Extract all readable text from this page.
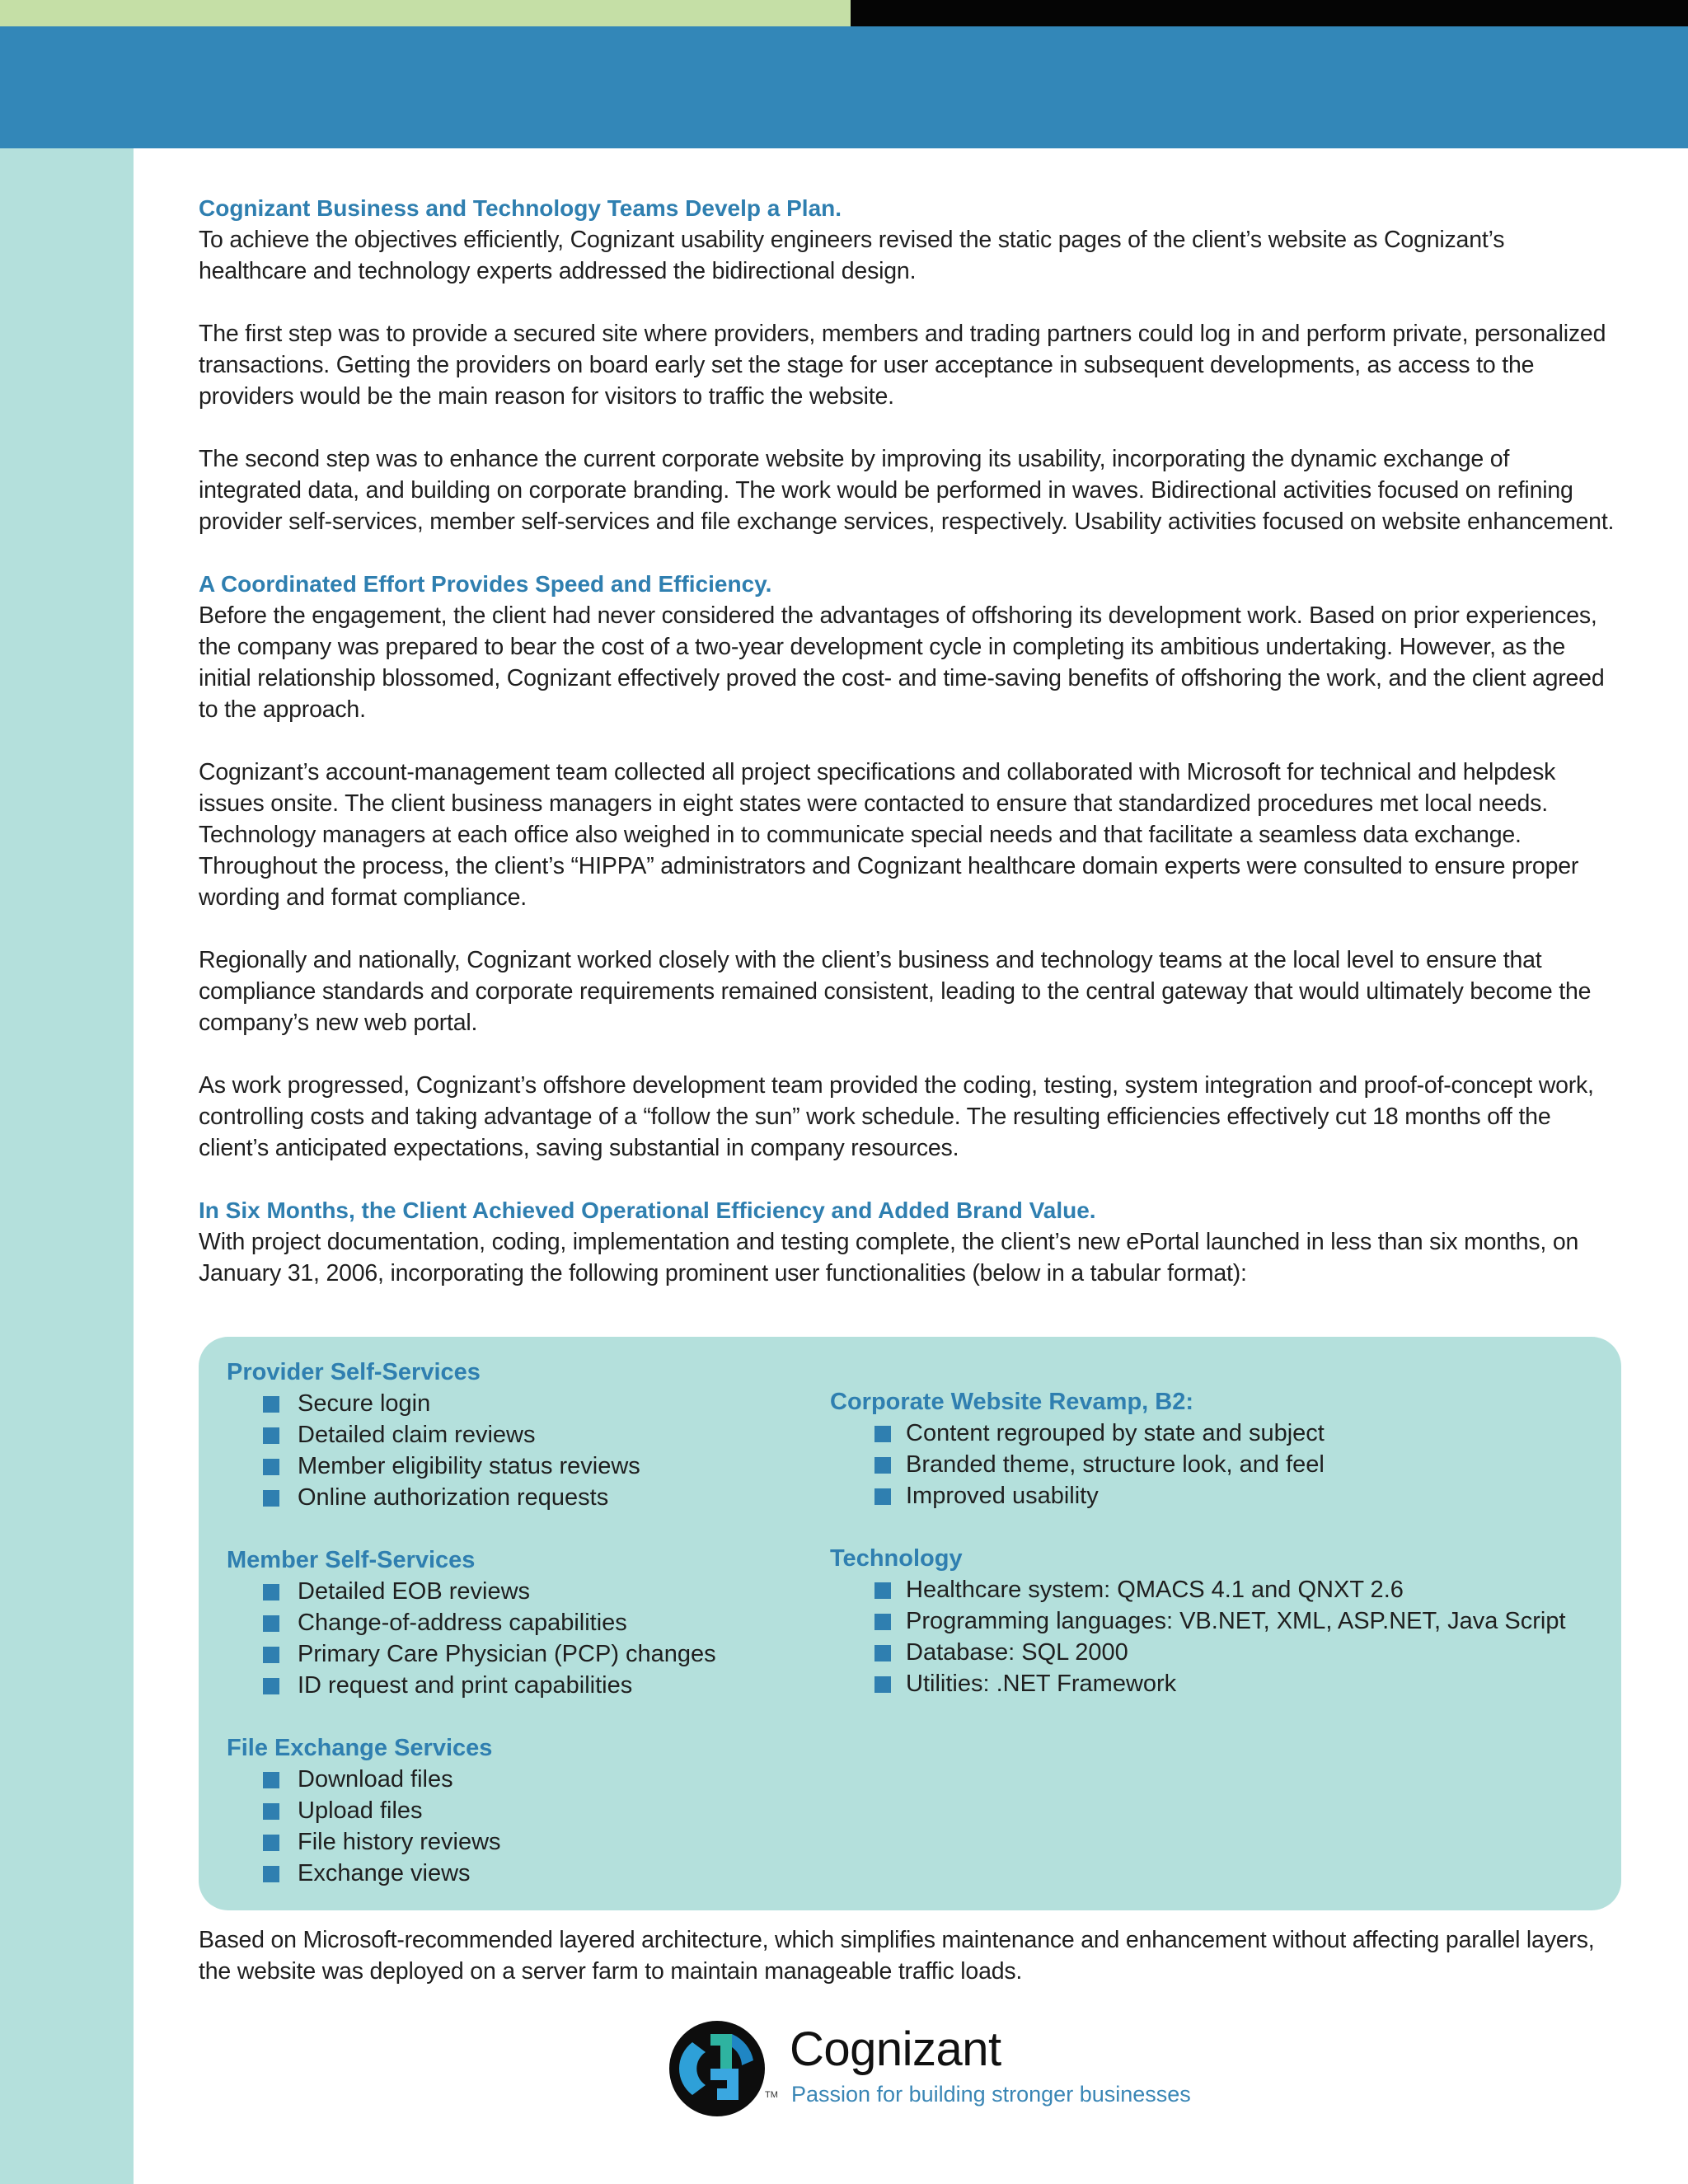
Cognizant Business and Technology Teams Develp a Plan.

To achieve the objectives efficiently, Cognizant usability engineers revised the static pages of the client’s website as Cognizant’s healthcare and technology experts addressed the bidirectional design.

The first step was to provide a secured site where providers, members and trading partners could log in and perform private, personalized transactions. Getting the providers on board early set the stage for user acceptance in subsequent developments, as access to the providers would be the main reason for visitors to traffic the website.

The second step was to enhance the current corporate website by improving its usability, incorporating the dynamic exchange of integrated data, and building on corporate branding. The work would be performed in waves. Bidirectional activities focused on refining provider self-services, member self-services and file exchange services, respectively. Usability activities focused on website enhancement.

A Coordinated Effort Provides Speed and Efficiency.

Before the engagement, the client had never considered the advantages of offshoring its development work. Based on prior experiences, the company was prepared to bear the cost of a two-year development cycle in completing its ambitious undertaking. However, as the initial relationship blossomed, Cognizant effectively proved the cost- and time-saving benefits of offshoring the work, and the client agreed to the approach.

Cognizant’s account-management team collected all project specifications and collaborated with Microsoft for technical and helpdesk issues onsite. The client business managers in eight states were contacted to ensure that standardized procedures met local needs. Technology managers at each office also weighed in to communicate special needs and that facilitate a seamless data exchange. Throughout the process, the client’s “HIPPA” administrators and Cognizant healthcare domain experts were consulted to ensure proper wording and format compliance.

Regionally and nationally, Cognizant worked closely with the client’s business and technology teams at the local level to ensure that compliance standards and corporate requirements remained consistent, leading to the central gateway that would ultimately become the company’s new web portal.

As work progressed, Cognizant’s offshore development team provided the coding, testing, system integration and proof-of-concept work, controlling costs and taking advantage of a “follow the sun” work schedule. The resulting efficiencies effectively cut 18 months off the client’s anticipated expectations, saving substantial in company resources.

In Six Months, the Client Achieved Operational Efficiency and Added Brand Value.

With project documentation, coding, implementation and testing complete, the client’s new ePortal launched in less than six months, on January 31, 2006, incorporating the following prominent user functionalities (below in a tabular format):

Provider Self-Services
Secure login
Detailed claim reviews
Member eligibility status reviews
Online authorization requests
Member Self-Services
Detailed EOB reviews
Change-of-address capabilities
Primary Care Physician (PCP) changes
ID request and print capabilities
File Exchange Services
Download files
Upload files
File history reviews
Exchange views
Corporate Website Revamp, B2:
Content regrouped by state and subject
Branded theme, structure look, and feel
Improved usability
Technology
Healthcare system: QMACS 4.1 and QNXT 2.6
Programming languages: VB.NET, XML, ASP.NET, Java Script
Database: SQL 2000
Utilities: .NET Framework

Based on Microsoft-recommended layered architecture, which simplifies maintenance and enhancement without affecting parallel layers, the website was deployed on a server farm to maintain manageable traffic loads.

TM
Cognizant
Passion for building stronger businesses
